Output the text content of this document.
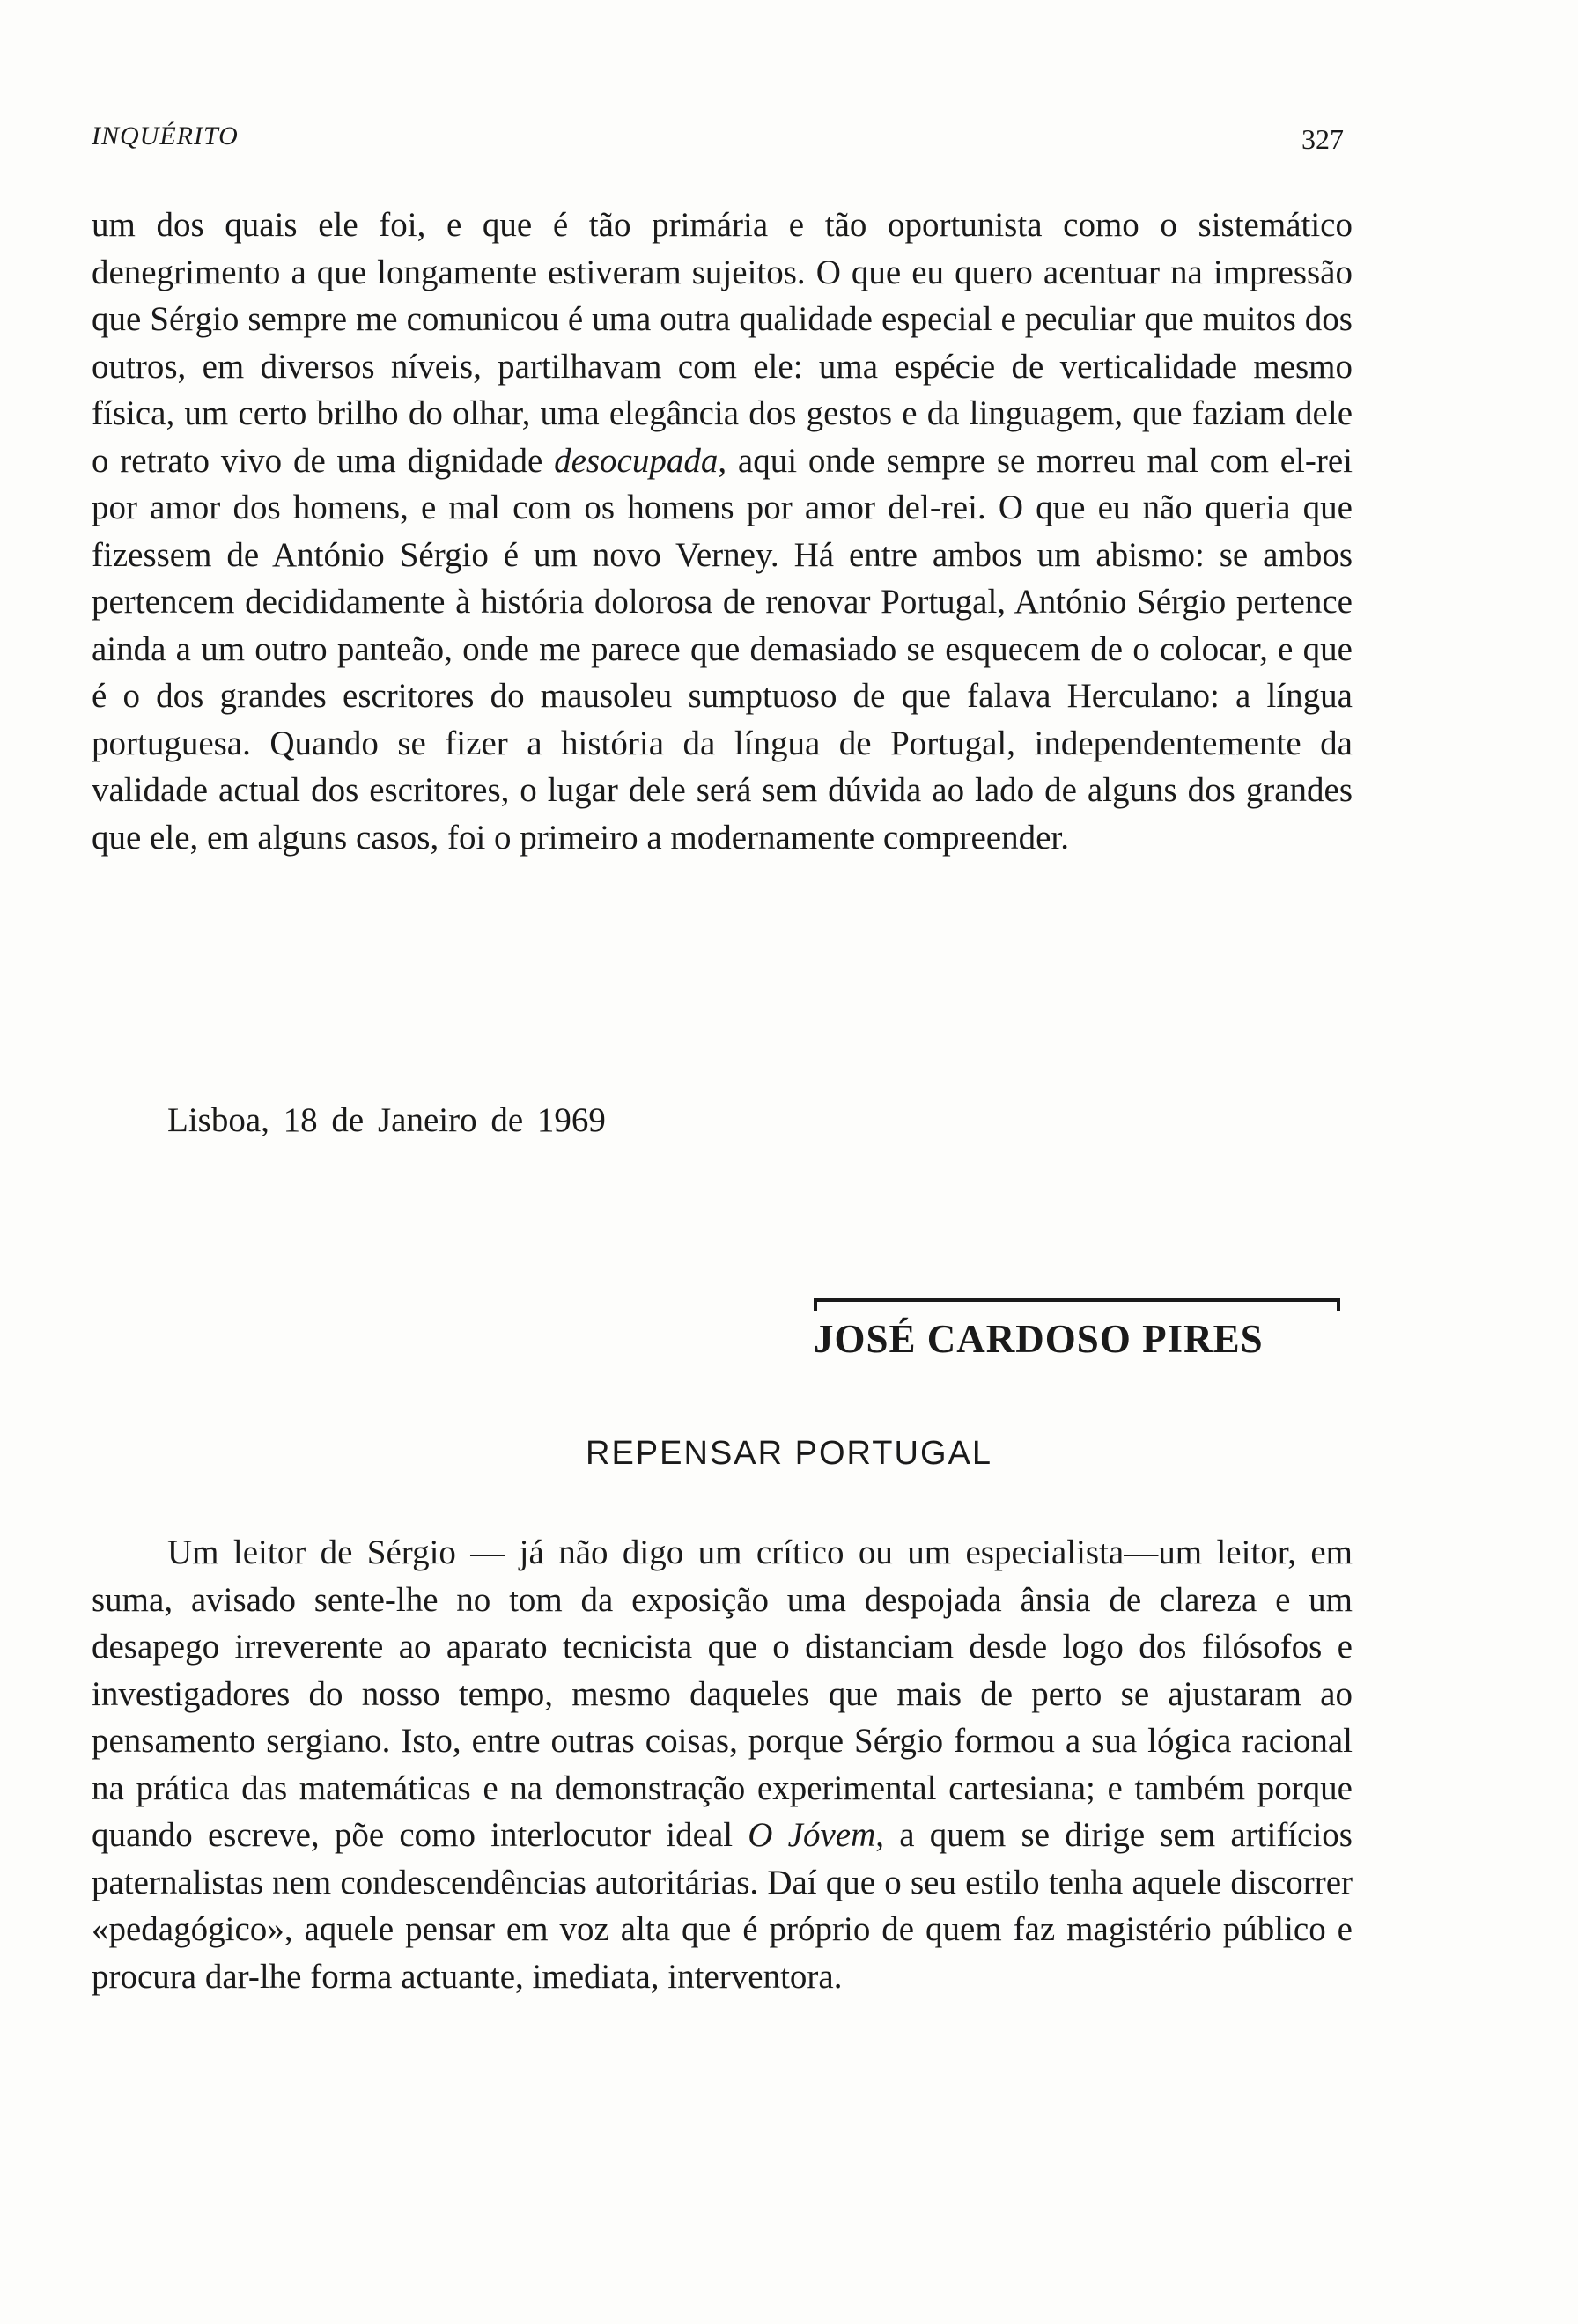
INQUÉRITO	327

um dos quais ele foi, e que é tão primária e tão oportunista como o sistemático denegrimento a que longamente estiveram sujeitos. O que eu quero acentuar na impressão que Sérgio sempre me comunicou é uma outra qualidade especial e peculiar que muitos dos outros, em diversos níveis, partilhavam com ele: uma espécie de verticalidade mesmo física, um certo brilho do olhar, uma elegância dos gestos e da linguagem, que faziam dele o retrato vivo de uma dignidade desocupada, aqui onde sempre se morreu mal com el-rei por amor dos homens, e mal com os homens por amor del-rei. O que eu não queria que fizessem de António Sérgio é um novo Verney. Há entre ambos um abismo: se ambos pertencem decididamente à história dolorosa de renovar Portugal, António Sérgio pertence ainda a um outro panteão, onde me parece que demasiado se esquecem de o colocar, e que é o dos grandes escritores do mausoleu sumptuoso de que falava Herculano: a língua portuguesa. Quando se fizer a história da língua de Portugal, independentemente da validade actual dos escritores, o lugar dele será sem dúvida ao lado de alguns dos grandes que ele, em alguns casos, foi o primeiro a modernamente compreender.

Lisboa, 18 de Janeiro de 1969
JOSÉ CARDOSO PIRES
REPENSAR PORTUGAL

Um leitor de Sérgio — já não digo um crítico ou um especialista—um leitor, em suma, avisado sente-lhe no tom da exposição uma despojada ânsia de clareza e um desapego irreverente ao aparato tecnicista que o distanciam desde logo dos filósofos e investigadores do nosso tempo, mesmo daqueles que mais de perto se ajustaram ao pensamento sergiano. Isto, entre outras coisas, porque Sérgio formou a sua lógica racional na prática das matemáticas e na demonstração experimental cartesiana; e também porque quando escreve, põe como interlocutor ideal O Jóvem, a quem se dirige sem artifícios paternalistas nem condescendências autoritárias. Daí que o seu estilo tenha aquele discorrer «pedagógico», aquele pensar em voz alta que é próprio de quem faz magistério público e procura dar-lhe forma actuante, imediata, interventora.
